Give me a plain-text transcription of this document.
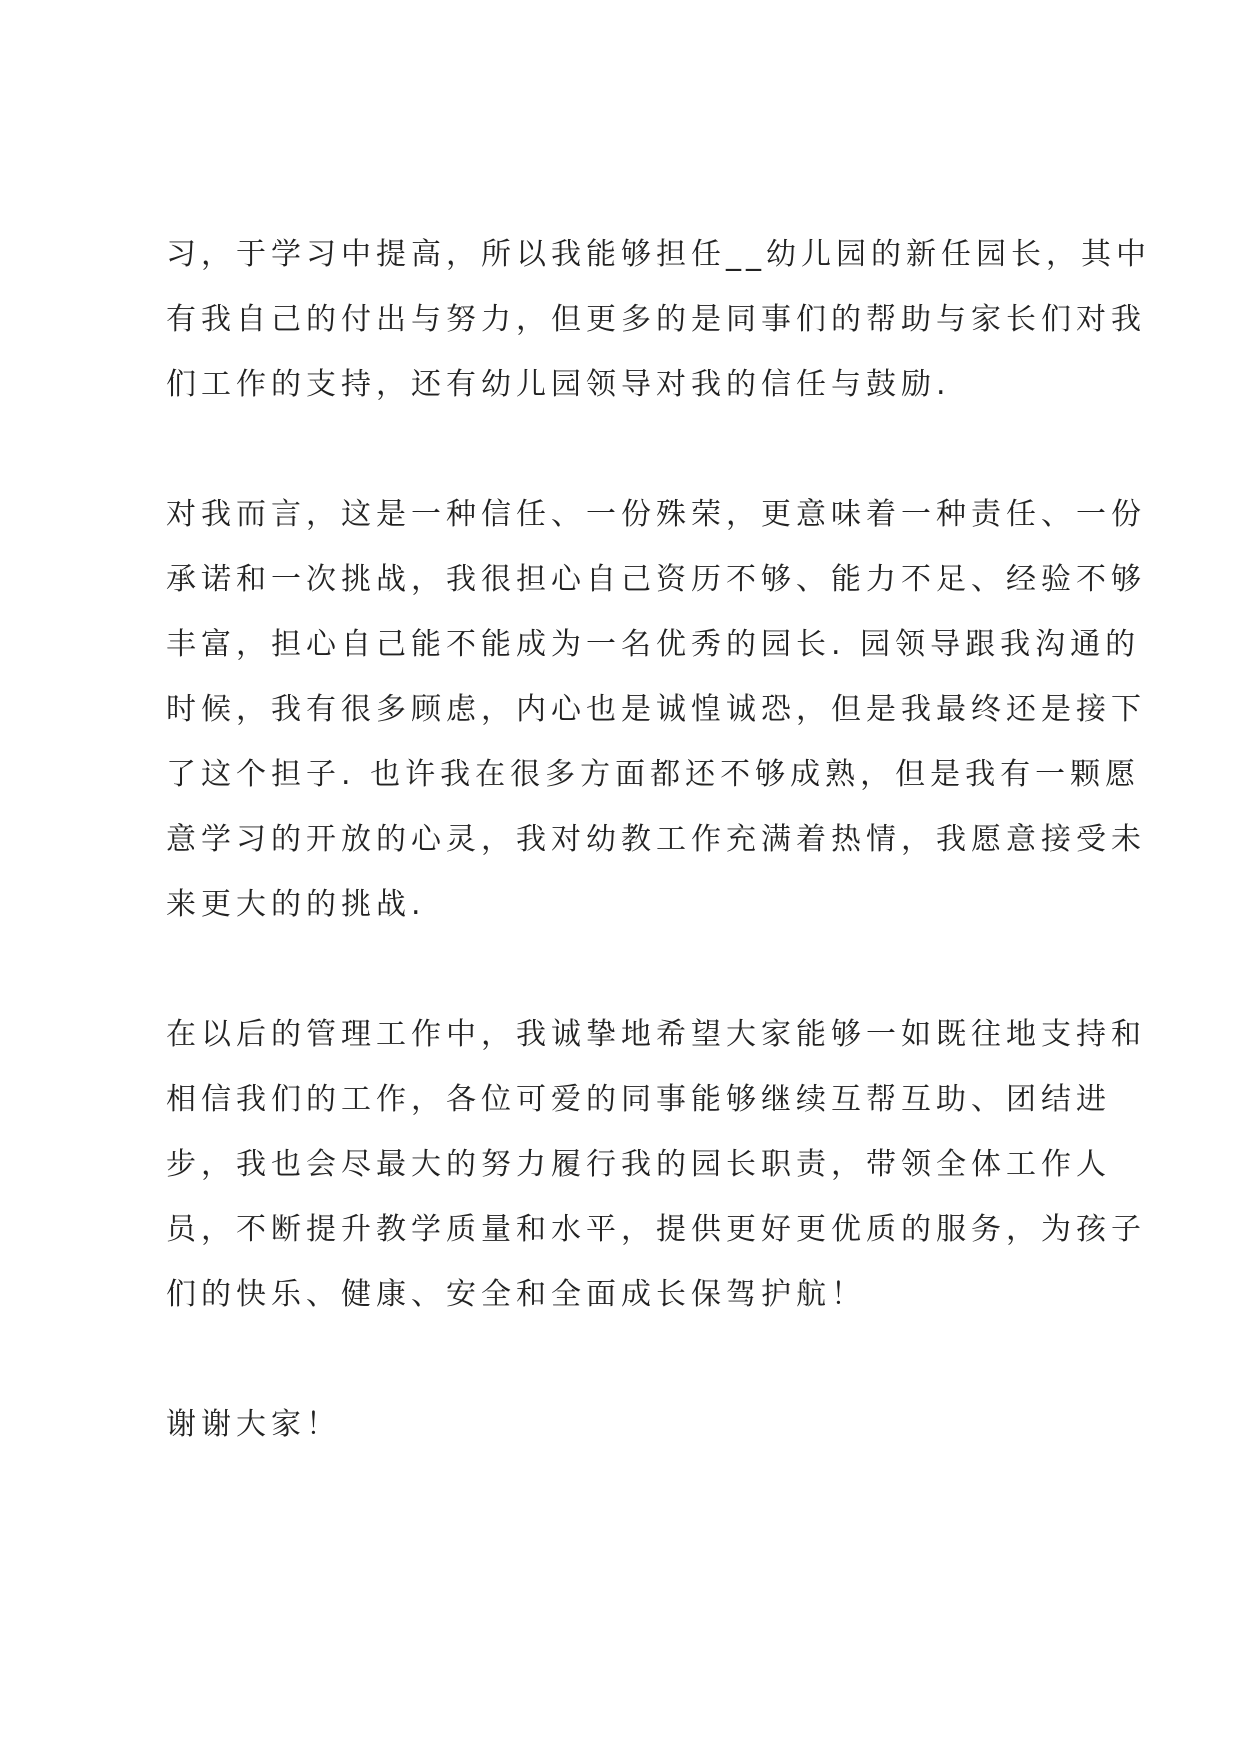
习，于学习中提高，所以我能够担任__幼儿园的新任园长，其中
有我自己的付出与努力，但更多的是同事们的帮助与家长们对我
们工作的支持，还有幼儿园领导对我的信任与鼓励.

对我而言，这是一种信任、一份殊荣，更意味着一种责任、一份
承诺和一次挑战，我很担心自己资历不够、能力不足、经验不够
丰富，担心自己能不能成为一名优秀的园长. 园领导跟我沟通的
时候，我有很多顾虑，内心也是诚惶诚恐，但是我最终还是接下
了这个担子. 也许我在很多方面都还不够成熟，但是我有一颗愿
意学习的开放的心灵，我对幼教工作充满着热情，我愿意接受未
来更大的的挑战.

在以后的管理工作中，我诚挚地希望大家能够一如既往地支持和
相信我们的工作，各位可爱的同事能够继续互帮互助、团结进
步，我也会尽最大的努力履行我的园长职责，带领全体工作人
员，不断提升教学质量和水平，提供更好更优质的服务，为孩子
们的快乐、健康、安全和全面成长保驾护航！

谢谢大家！
